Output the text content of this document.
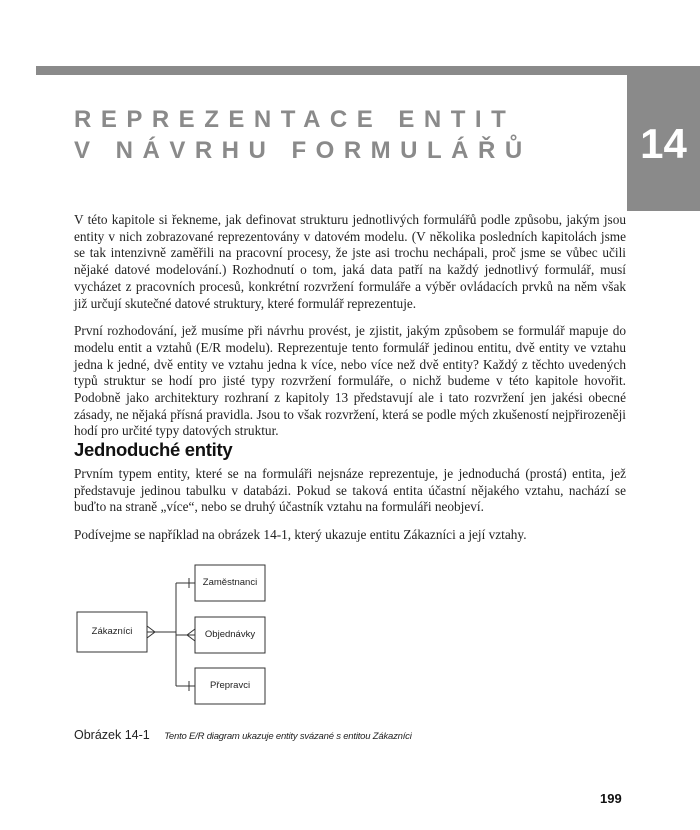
14
REPREZENTACE ENTIT
V NÁVRHU FORMULÁŘŮ

V této kapitole si řekneme, jak definovat strukturu jednotlivých formulářů podle způsobu, jakým jsou entity v nich zobrazované reprezentovány v datovém modelu. (V několika posledních kapitolách jsme se tak intenzivně zaměřili na pracovní procesy, že jste asi trochu nechápali, proč jsme se vůbec učili nějaké datové modelování.) Rozhodnutí o tom, jaká data patří na každý jednotlivý formulář, musí vycházet z pracovních procesů, konkrétní rozvržení formuláře a výběr ovládacích prvků na něm však již určují skutečné datové struktury, které formulář reprezentuje.

První rozhodování, jež musíme při návrhu provést, je zjistit, jakým způsobem se formulář mapuje do modelu entit a vztahů (E/R modelu). Reprezentuje tento formulář jedinou entitu, dvě entity ve vztahu jedna k jedné, dvě entity ve vztahu jedna k více, nebo více než dvě entity? Každý z těchto uvedených typů struktur se hodí pro jisté typy rozvržení formuláře, o nichž budeme v této kapitole hovořit. Podobně jako architektury rozhraní z kapitoly 13 představují ale i tato rozvržení jen jakési obecné zásady, ne nějaká přísná pravidla. Jsou to však rozvržení, která se podle mých zkušeností nejpřirozeněji hodí pro určité typy datových struktur.

Jednoduché entity

Prvním typem entity, které se na formuláři nejsnáze reprezentuje, je jednoduchá (prostá) entita, jež představuje jedinou tabulku v databázi. Pokud se taková entita účastní nějakého vztahu, nachází se buďto na straně „více“, nebo se druhý účastník vztahu na formuláři neobjeví.

Podívejme se například na obrázek 14-1, který ukazuje entitu Zákazníci a její vztahy.

Zákazníci
Zaměstnanci
Objednávky
Přepravci
Obrázek 14-1 Tento E/R diagram ukazuje entity svázané s entitou Zákazníci
199
